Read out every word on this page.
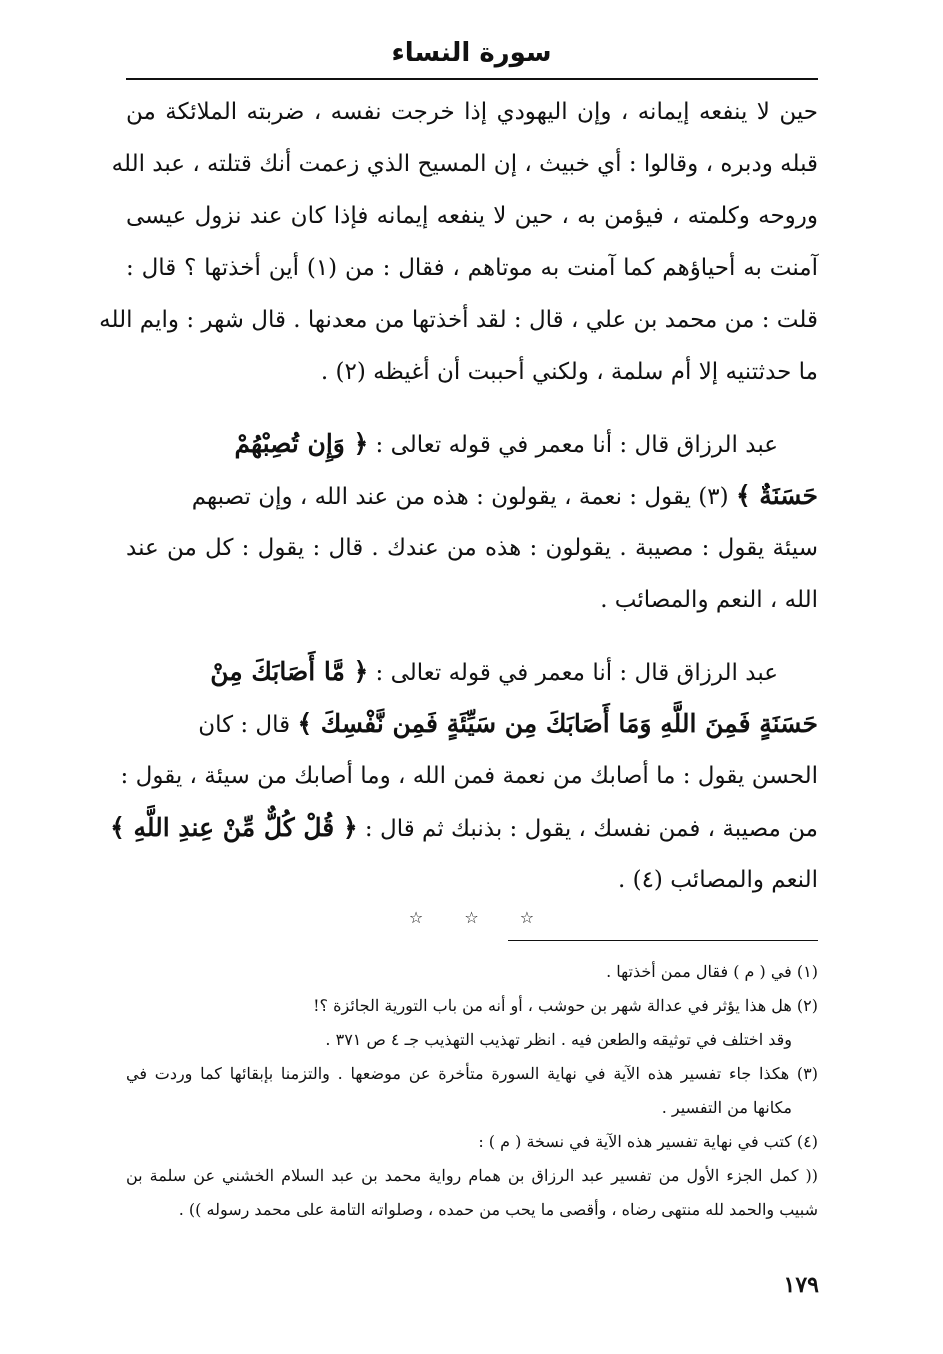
سورة النساء
حين لا ينفعه إيمانه ، وإن اليهودي إذا خرجت نفسه ، ضربته الملائكة من
قبله ودبره ، وقالوا : أي خبيث ، إن المسيح الذي زعمت أنك قتلته ، عبد الله
وروحه وكلمته ، فيؤمن به ، حين لا ينفعه إيمانه فإذا كان عند نزول عيسى
آمنت به أحياؤهم كما آمنت به موتاهم ، فقال : من (١) أين أخذتها ؟ قال :
قلت : من محمد بن علي ، قال : لقد أخذتها من معدنها . قال شهر : وايم الله
ما حدثتنيه إلا أم سلمة ، ولكني أحببت أن أغيظه (٢) .
عبد الرزاق قال : أنا معمر في قوله تعالى : ﴿ وَإِن تُصِبْهُمْ
حَسَنَةٌ ﴾ (٣) يقول : نعمة ، يقولون : هذه من عند الله ، وإن تصبهم
سيئة يقول : مصيبة . يقولون : هذه من عندك . قال : يقول : كل من عند
الله ، النعم والمصائب .
عبد الرزاق قال : أنا معمر في قوله تعالى : ﴿ مَّا أَصَابَكَ مِنْ
حَسَنَةٍ فَمِنَ اللَّهِ وَمَا أَصَابَكَ مِن سَيِّئَةٍ فَمِن نَّفْسِكَ ﴾ قال : كان
الحسن يقول : ما أصابك من نعمة فمن الله ، وما أصابك من سيئة ، يقول :
من مصيبة ، فمن نفسك ، يقول : بذنبك ثم قال : ﴿ قُلْ كُلٌّ مِّنْ عِندِ اللَّهِ ﴾
النعم والمصائب (٤) .
☆ ☆ ☆
(١) في ( م ) فقال ممن أخذتها .
(٢) هل هذا يؤثر في عدالة شهر بن حوشب ، أو أنه من باب التورية الجائزة ؟!
وقد اختلف في توثيقه والطعن فيه . انظر تهذيب التهذيب جـ ٤ ص ٣٧١ .
(٣) هكذا جاء تفسير هذه الآية في نهاية السورة متأخرة عن موضعها . والتزمنا بإبقائها كما وردت في
مكانها من التفسير .
(٤) كتب في نهاية تفسير هذه الآية في نسخة ( م ) :
(( كمل الجزء الأول من تفسير عبد الرزاق بن همام رواية محمد بن عبد السلام الخشني عن سلمة بن
شبيب والحمد لله منتهى رضاه ، وأقصى ما يحب من حمده ، وصلواته التامة على محمد رسوله )) .
١٧٩
